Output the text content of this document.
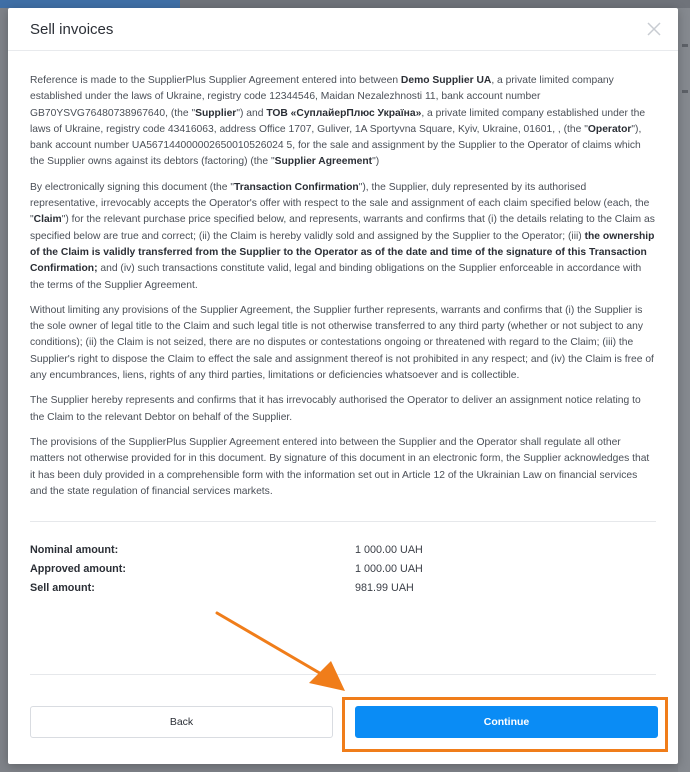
Sell invoices

Reference is made to the SupplierPlus Supplier Agreement entered into between Demo Supplier UA, a private limited company established under the laws of Ukraine, registry code 12344546, Maidan Nezalezhnosti 11, bank account number GB70YSVG76480738967640, (the "Supplier") and ТОВ «СуплайерПлюс Україна», a private limited company established under the laws of Ukraine, registry code 43416063, address Office 1707, Guliver, 1A Sportyvna Square, Kyiv, Ukraine, 01601, , (the "Operator"), bank account number UA567144000002650010526024 5, for the sale and assignment by the Supplier to the Operator of claims which the Supplier owns against its debtors (factoring) (the "Supplier Agreement")

By electronically signing this document (the "Transaction Confirmation"), the Supplier, duly represented by its authorised representative, irrevocably accepts the Operator's offer with respect to the sale and assignment of each claim specified below (each, the "Claim") for the relevant purchase price specified below, and represents, warrants and confirms that (i) the details relating to the Claim as specified below are true and correct; (ii) the Claim is hereby validly sold and assigned by the Supplier to the Operator; (iii) the ownership of the Claim is validly transferred from the Supplier to the Operator as of the date and time of the signature of this Transaction Confirmation; and (iv) such transactions constitute valid, legal and binding obligations on the Supplier enforceable in accordance with the terms of the Supplier Agreement.

Without limiting any provisions of the Supplier Agreement, the Supplier further represents, warrants and confirms that (i) the Supplier is the sole owner of legal title to the Claim and such legal title is not otherwise transferred to any third party (whether or not subject to any conditions); (ii) the Claim is not seized, there are no disputes or contestations ongoing or threatened with regard to the Claim; (iii) the Supplier's right to dispose the Claim to effect the sale and assignment thereof is not prohibited in any respect; and (iv) the Claim is free of any encumbrances, liens, rights of any third parties, limitations or deficiencies whatsoever and is collectible.

The Supplier hereby represents and confirms that it has irrevocably authorised the Operator to deliver an assignment notice relating to the Claim to the relevant Debtor on behalf of the Supplier.

The provisions of the SupplierPlus Supplier Agreement entered into between the Supplier and the Operator shall regulate all other matters not otherwise provided for in this document. By signature of this document in an electronic form, the Supplier acknowledges that it has been duly provided in a comprehensible form with the information set out in Article 12 of the Ukrainian Law on financial services and the state regulation of financial services markets.

Nominal amount:	1 000.00 UAH
Approved amount:	1 000.00 UAH
Sell amount:	981.99 UAH
Back	Continue
